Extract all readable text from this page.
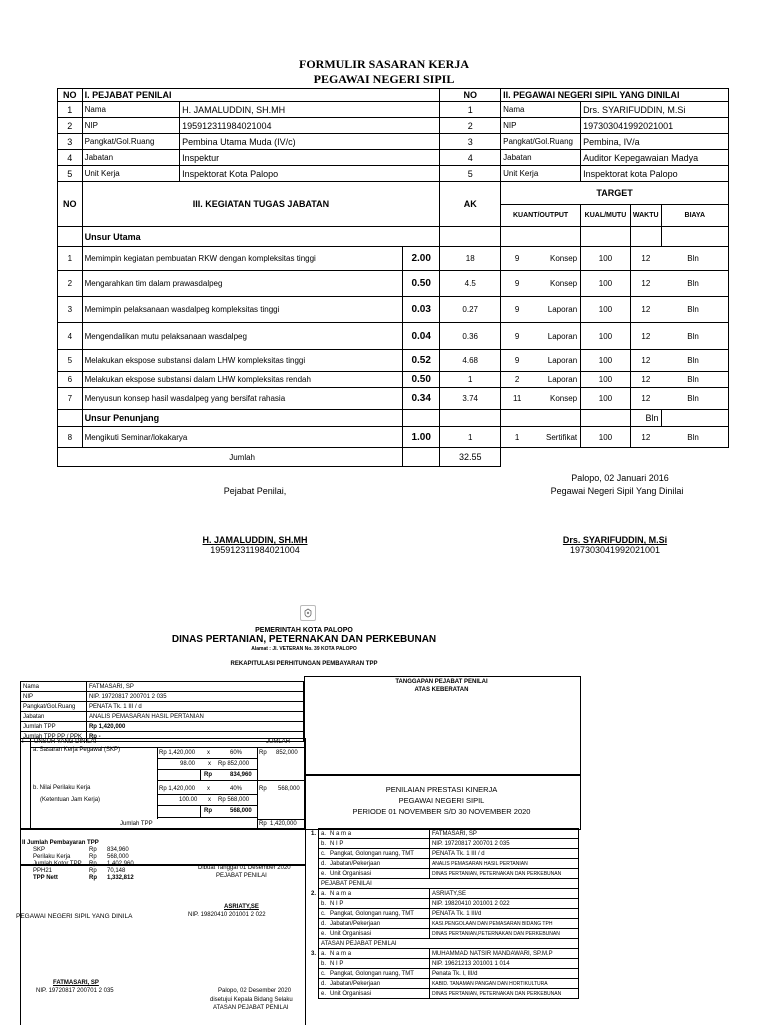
FORMULIR SASARAN KERJA
PEGAWAI NEGERI SIPIL
NO	I. PEJABAT PENILAI			NO	II. PEGAWAI NEGERI SIPIL YANG DINILAI			
1	Nama	H. JAMALUDDIN, SH.MH		1	Nama	Drs. SYARIFUDDIN, M.Si		
2	NIP	195912311984021004		2	NIP	197303041992021001		
3	Pangkat/Gol.Ruang	Pembina Utama Muda (IV/c)		3	Pangkat/Gol.Ruang	Pembina, IV/a		
4	Jabatan	Inspektur		4	Jabatan	Auditor Kepegawaian Madya		
5	Unit Kerja	Inspektorat Kota Palopo		5	Unit Kerja	Inspektorat kota Palopo		
NO	III. KEGIATAN TUGAS JABATAN			AK	TARGET			
					KUANT/OUTPUT	KUAL/MUTU	WAKTU	BIAYA
	Unsur Utama							
1	Memimpin kegiatan pembuatan RKW dengan kompleksitas tinggi		2.00	18	9 Konsep	100	12 Bln	
2	Mengarahkan tim dalam prawasdalpeg		0.50	4.5	9 Konsep	100	12 Bln	
3	Memimpin pelaksanaan wasdalpeg kompleksitas tinggi		0.03	0.27	9 Laporan	100	12 Bln	
4	Mengendalikan mutu pelaksanaan wasdalpeg		0.04	0.36	9 Laporan	100	12 Bln	
5	Melakukan ekspose substansi dalam LHW kompleksitas tinggi		0.52	4.68	9 Laporan	100	12 Bln	
6	Melakukan ekspose substansi dalam LHW kompleksitas rendah		0.50	1	2 Laporan	100	12 Bln	
7	Menyusun konsep hasil wasdalpeg yang bersifat rahasia		0.34	3.74	11 Konsep	100	12 Bln	
	Unsur Penunjang						Bln	
8	Mengikuti Seminar/lokakarya		1.00	1	1 Sertifikat	100	12 Bln	
	Jumlah			32.55				
Palopo, 02 Januari 2016
Pegawai Negeri Sipil Yang Dinilai
Pejabat Penilai,
H. JAMALUDDIN, SH.MH
195912311984021004
Drs. SYARIFUDDIN, M.Si
197303041992021001
PEMERINTAH KOTA PALOPO
DINAS PERTANIAN, PETERNAKAN DAN PERKEBUNAN
Alamat : Jl. VETERAN No. 39 KOTA PALOPO
REKAPITULASI PERHITUNGAN PEMBAYARAN TPP
Nama	FATMASARI, SP
NIP	NIP. 19720817 200701 2 035
Pangkat/Gol.Ruang	PENATA Tk. 1 III / d
Jabatan	ANALIS PEMASARAN HASIL PERTANIAN
Jumlah TPP	Rp 1,420,000
Jumlah TPP PP / PPK	Rp -
I UNSUR YANG DINILAI	JUMLAH
a. Sasaran Kerja Pegawai (SKP)	Rp 1,420,000 x	60%	Rp 852,000
98.00 x Rp 852,000
Rp	834,960
b. Nilai Perilaku Kerja
(Ketentuan Jam Kerja)
Rp 1,420,000 x	40%	Rp 568,000
100.00 x Rp 568,000
Rp	568,000
Jumlah TPP	Rp 1,420,000
II Jumlah Pembayaran TPP
SKP	Rp 834,960
Perilaku Kerja	Rp 568,000
Jumlah Kotor TPP Rp 1,402,960
PPH21	Rp 70,148
TPP Nett	Rp 1,332,812
Dibuat Tanggal 01 Desember 2020
PEJABAT PENILAI
PEGAWAI NEGERI SIPIL YANG DINILA
ASRIATY,SE
NIP. 19820410 201001 2 022
FATMASARI, SP
NIP. 19720817 200701 2 035	Palopo, 02 Desember 2020
disetujui Kepala Bidang Selaku
ATASAN PEJABAT PENILAI
TANGGAPAN PEJABAT PENILAI
ATAS KEBERATAN
PENILAIAN PRESTASI KINERJA
PEGAWAI NEGERI SIPIL
PERIODE 01 NOVEMBER S/D 30 NOVEMBER 2020
1.	a.	N a m a	FATMASARI, SP
	b.	N I P	NIP. 19720817 200701 2 035
	c.	Pangkat, Golongan ruang, TMT	PENATA Tk. 1 III / d
	d.	Jabatan/Pekerjaan	ANALIS PEMASARAN HASIL PERTANIAN
	e.	Unit Organisasi	DINAS PERTANIAN, PETERNAKAN DAN PERKEBUNAN
	PEJABAT PENILAI		
2.	a.	N a m a	ASRIATY,SE
	b.	N I P	NIP. 19820410 201001 2 022
	c.	Pangkat, Golongan ruang, TMT	PENATA Tk. 1 III/d
	d.	Jabatan/Pekerjaan	KASI.PENGOLAAN DAN PEMASARAN BIDANG TPH
	e.	Unit Organisasi	DINAS PERTANIAN,PETERNAKAN DAN PERKEBUNAN
	ATASAN PEJABAT PENILAI		
3.	a.	N a m a	MUHAMMAD NATSIR MANDAWARI, SP.M.P
	b.	N I P	NIP. 19621213 201001 1 014
	c.	Pangkat, Golongan ruang, TMT	Penata Tk. I, III/d
	d.	Jabatan/Pekerjaan	KABID. TANAMAN PANGAN DAN HORTIKULTURA
	e.	Unit Organisasi	DINAS PERTANIAN, PETERNAKAN DAN PERKEBUNAN
